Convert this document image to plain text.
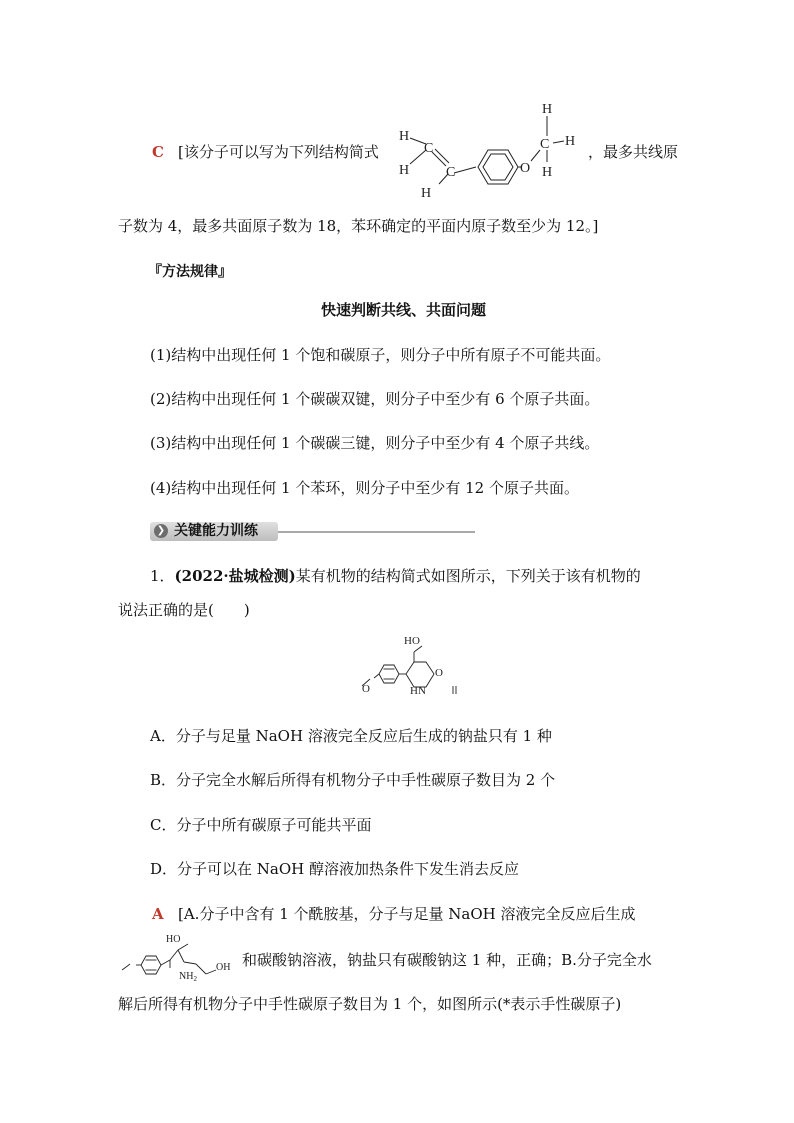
C [该分子可以写为下列结构简式
H
H
C
C
H
O
C
H
H
H
，最多共线原
子数为 4，最多共面原子数为 18，苯环确定的平面内原子数至少为 12。]
『方法规律』
快速判断共线、共面问题
(1)结构中出现任何 1 个饱和碳原子，则分子中所有原子不可能共面。
(2)结构中出现任何 1 个碳碳双键，则分子中至少有 6 个原子共面。
(3)结构中出现任何 1 个碳碳三键，则分子中至少有 4 个原子共线。
(4)结构中出现任何 1 个苯环，则分子中至少有 12 个原子共面。
❯ 关键能力训练
1．(2022·盐城检测)某有机物的结构简式如图所示，下列关于该有机物的
说法正确的是(　　)
HO
O	HN
O
A．分子与足量 NaOH 溶液完全反应后生成的钠盐只有 1 种
B．分子完全水解后所得有机物分子中手性碳原子数目为 2 个
C．分子中所有碳原子可能共平面
D．分子可以在 NaOH 醇溶液加热条件下发生消去反应
A [A.分子中含有 1 个酰胺基，分子与足量 NaOH 溶液完全反应后生成
HO
OH
$NH_2$
和碳酸钠溶液，钠盐只有碳酸钠这 1 种，正确；B.分子完全水
解后所得有机物分子中手性碳原子数目为 1 个，如图所示(*表示手性碳原子)
